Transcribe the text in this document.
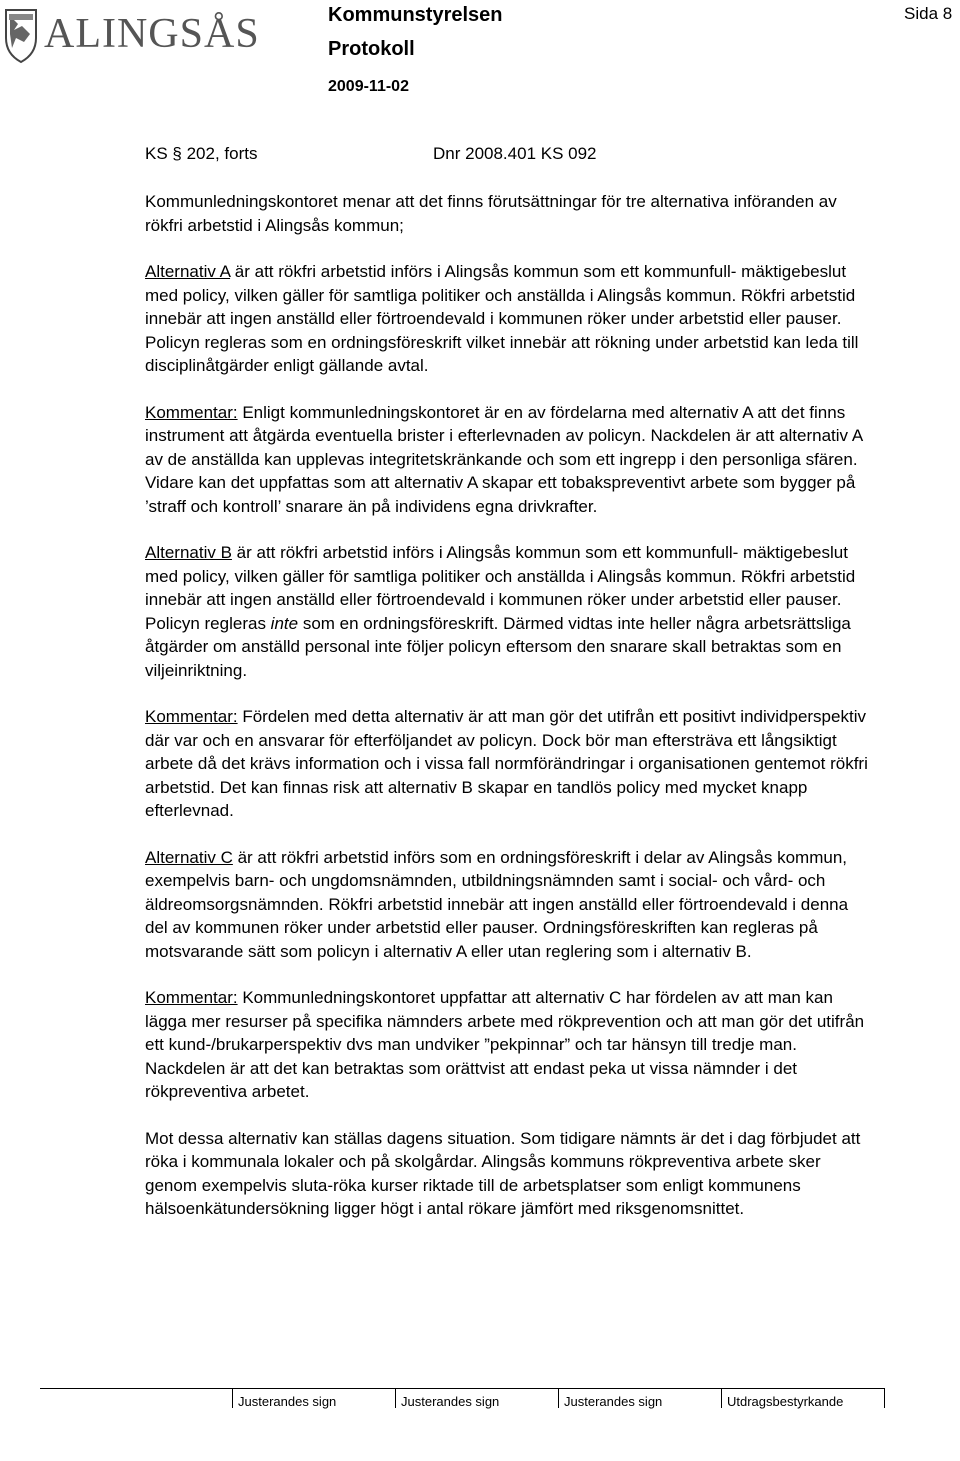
ALINGSÅS	Kommunstyrelsen
Protokoll
2009-11-02
Sida 8
KS § 202, forts	Dnr 2008.401 KS 092

Kommunledningskontoret menar att det finns förutsättningar för tre alternativa införanden av rökfri arbetstid i Alingsås kommun;

Alternativ A är att rökfri arbetstid införs i Alingsås kommun som ett kommunfull- mäktigebeslut med policy, vilken gäller för samtliga politiker och anställda i Alingsås kommun. Rökfri arbetstid innebär att ingen anställd eller förtroendevald i kommunen röker under arbetstid eller pauser. Policyn regleras som en ordningsföreskrift vilket innebär att rökning under arbetstid kan leda till disciplinåtgärder enligt gällande avtal.

Kommentar: Enligt kommunledningskontoret är en av fördelarna med alternativ A att det finns instrument att åtgärda eventuella brister i efterlevnaden av policyn. Nackdelen är att alternativ A av de anställda kan upplevas integritetskränkande och som ett ingrepp i den personliga sfären. Vidare kan det uppfattas som att alternativ A skapar ett tobakspreventivt arbete som bygger på ’straff och kontroll’ snarare än på individens egna drivkrafter.

Alternativ B är att rökfri arbetstid införs i Alingsås kommun som ett kommunfull- mäktigebeslut med policy, vilken gäller för samtliga politiker och anställda i Alingsås kommun. Rökfri arbetstid innebär att ingen anställd eller förtroendevald i kommunen röker under arbetstid eller pauser. Policyn regleras inte som en ordningsföreskrift. Därmed vidtas inte heller några arbetsrättsliga åtgärder om anställd personal inte följer policyn eftersom den snarare skall betraktas som en viljeinriktning.

Kommentar: Fördelen med detta alternativ är att man gör det utifrån ett positivt individperspektiv där var och en ansvarar för efterföljandet av policyn. Dock bör man eftersträva ett långsiktigt arbete då det krävs information och i vissa fall normförändringar i organisationen gentemot rökfri arbetstid. Det kan finnas risk att alternativ B skapar en tandlös policy med mycket knapp efterlevnad.

Alternativ C är att rökfri arbetstid införs som en ordningsföreskrift i delar av Alingsås kommun, exempelvis barn- och ungdomsnämnden, utbildningsnämnden samt i social- och vård- och äldreomsorgsnämnden. Rökfri arbetstid innebär att ingen anställd eller förtroendevald i denna del av kommunen röker under arbetstid eller pauser. Ordningsföreskriften kan regleras på motsvarande sätt som policyn i alternativ A eller utan reglering som i alternativ B.

Kommentar: Kommunledningskontoret uppfattar att alternativ C har fördelen av att man kan lägga mer resurser på specifika nämnders arbete med rökprevention och att man gör det utifrån ett kund-/brukarperspektiv dvs man undviker ”pekpinnar” och tar hänsyn till tredje man. Nackdelen är att det kan betraktas som orättvist att endast peka ut vissa nämnder i det rökpreventiva arbetet.

Mot dessa alternativ kan ställas dagens situation. Som tidigare nämnts är det i dag förbjudet att röka i kommunala lokaler och på skolgårdar. Alingsås kommuns rökpreventiva arbete sker genom exempelvis sluta-röka kurser riktade till de arbetsplatser som enligt kommunens hälsoenkätundersökning ligger högt i antal rökare jämfört med riksgenomsnittet.

Justerandes sign	Justerandes sign	Justerandes sign	Utdragsbestyrkande
